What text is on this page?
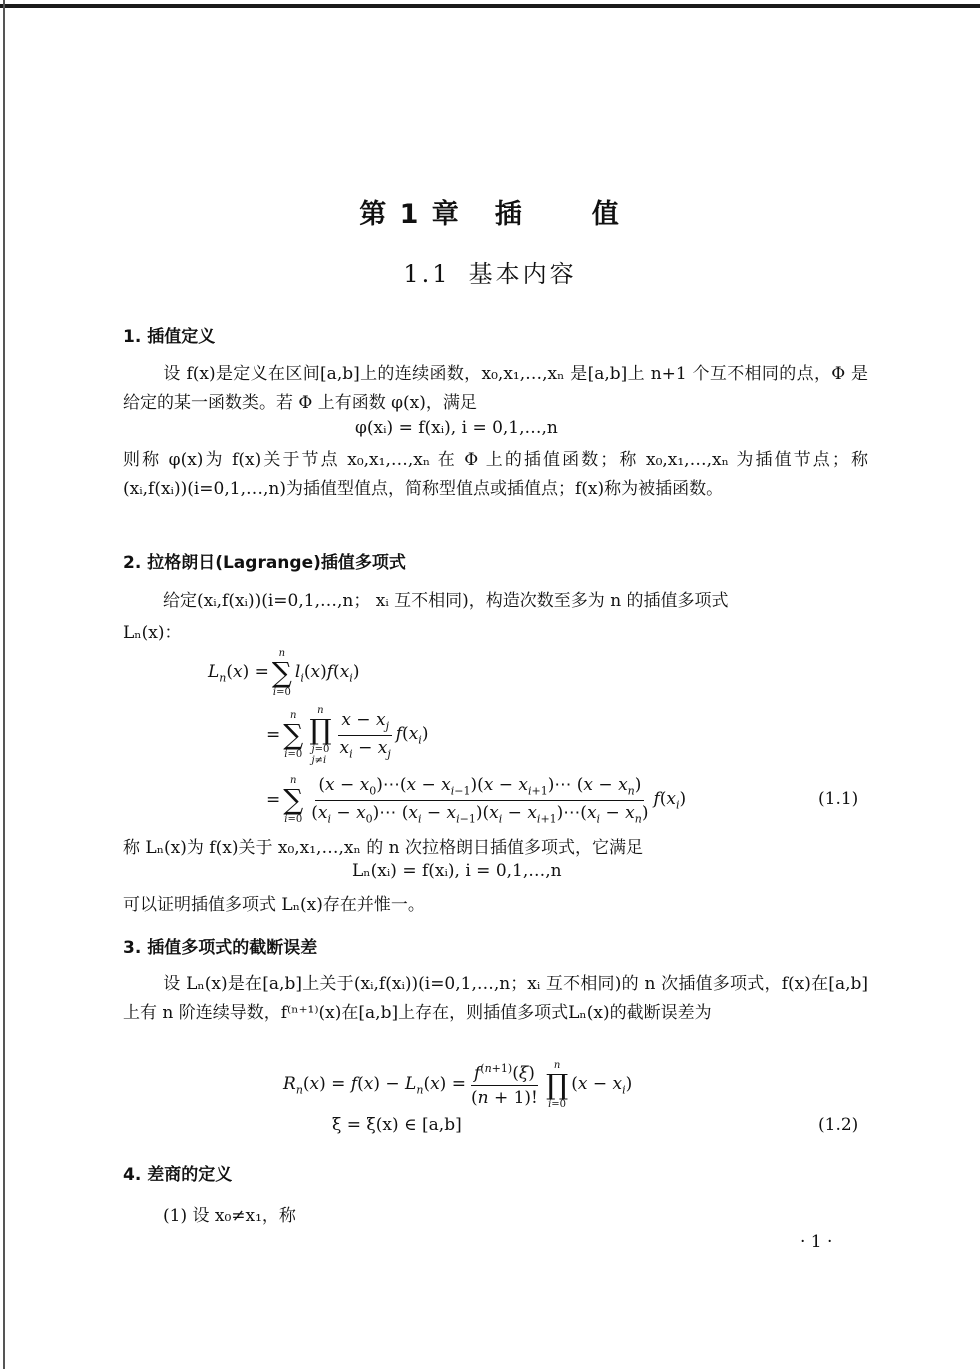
第 1 章 插	值
1.1 基本内容
1. 插值定义
设 f(x)是定义在区间[a,b]上的连续函数，x₀,x₁,…,xₙ 是[a,b]上 n+1 个互不相同的点，Φ 是给定的某一函数类。若 Φ 上有函数 φ(x)，满足
φ(xᵢ) = f(xᵢ), i = 0,1,…,n
则称 φ(x)为 f(x)关于节点 x₀,x₁,…,xₙ 在 Φ 上的插值函数；称 x₀,x₁,…,xₙ 为插值节点；称 (xᵢ,f(xᵢ))(i=0,1,…,n)为插值型值点，简称型值点或插值点；f(x)称为被插函数。
2. 拉格朗日(Lagrange)插值多项式
给定(xᵢ,f(xᵢ))(i=0,1,…,n； xᵢ 互不相同)，构造次数至多为 n 的插值多项式
Lₙ(x)：
$L_n(x)$ =
n
∑
i=0
$l_i(x)f(x_i)$
=
n
∑
i=0
n
∏
j=0
j≠i
$\frac{x - x_j}{x_i - x_j} f(x_i)$
=
n
∑
$i=0 \frac{(x - x_0)\cdots(x - x_{i-1})(x - x_{i+1})\cdots (x - x_n)}{(x_i - x_0)\cdots (x_i - x_{i-1})(x_i - x_{i+1})\cdots(x_i - x_n)} f(x_i)$	(1.1)
称 Lₙ(x)为 f(x)关于 x₀,x₁,…,xₙ 的 n 次拉格朗日插值多项式，它满足
Lₙ(xᵢ) = f(xᵢ), i = 0,1,…,n
可以证明插值多项式 Lₙ(x)存在并惟一。
3. 插值多项式的截断误差
设 Lₙ(x)是在[a,b]上关于(xᵢ,f(xᵢ))(i=0,1,…,n；xᵢ 互不相同)的 n 次插值多项式，f(x)在[a,b]上有 n 阶连续导数，f⁽ⁿ⁺¹⁾(x)在[a,b]上存在，则插值多项式Lₙ(x)的截断误差为
$R_n(x) = f(x) - L_n(x) = \frac{f^{(n+1)}(\xi)}{(n + 1)!}$ n
∏
i=0
$(x - x_i)$
ξ = ξ(x) ∈ [a,b]	(1.2)
4. 差商的定义
(1) 设 x₀≠x₁，称
· 1 ·
